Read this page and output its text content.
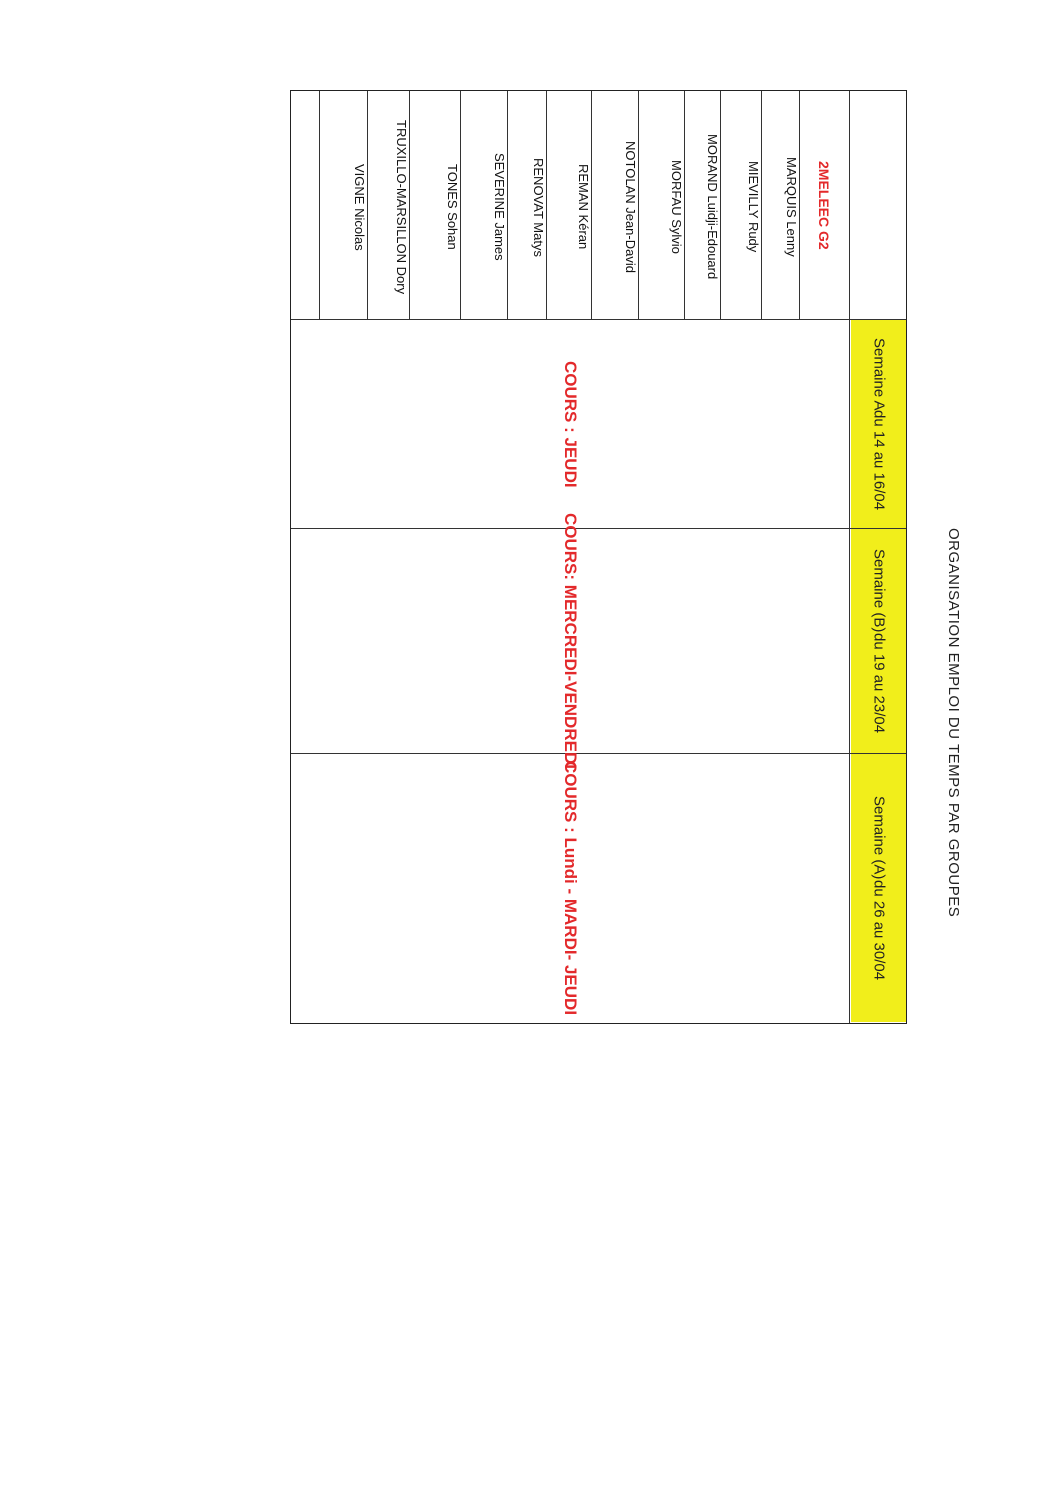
ORGANISATION EMPLOI DU TEMPS PAR GROUPES
2MELEEC G2
MARQUIS Lenny
MIEVILLY Rudy
MORAND Luidji-Edouard
MORFAU Sylvio
NOTOLAN Jean-David
REMAN Kéran
RENOVAT Matys
SEVERINE James
TONES Sohan
TRUXILLO-MARSILLON Dory
VIGNE Nicolas
Semaine A
du 14 au 16/04
Semaine (B)
du 19 au 23/04
Semaine (A)
du 26 au 30/04
COURS : JEUDI
COURS: MERCREDI-VENDREDI
COURS : Lundi - MARDI- JEUDI
